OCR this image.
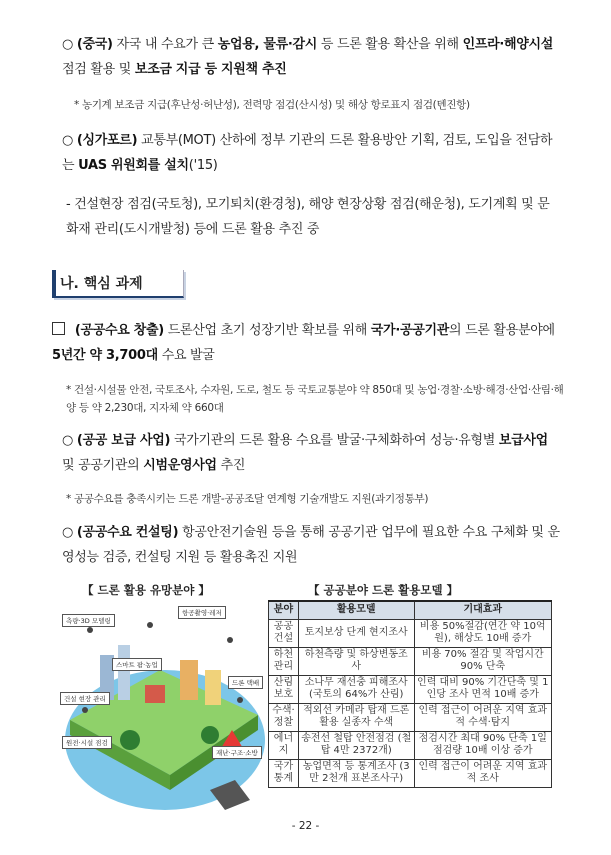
○ (중국) 자국 내 수요가 큰 농업용, 물류·감시 등 드론 활용 확산을 위해 인프라·해양시설 점검 활용 및 보조금 지급 등 지원책 추진
* 농기계 보조금 지급(후난성·허난성), 전력망 점검(산시성) 및 해상 항로표지 점검(톈진항)
○ (싱가포르) 교통부(MOT) 산하에 정부 기관의 드론 활용방안 기획, 검토, 도입을 전담하는 UAS 위원회를 설치('15)
- 건설현장 점검(국토청), 모기퇴치(환경청), 해양 현장상황 점검(해운청), 도기계획 및 문화재 관리(도시개발청) 등에 드론 활용 추진 중
나. 핵심 과제
(공공수요 창출) 드론산업 초기 성장기반 확보를 위해 국가·공공기관의 드론 활용분야에 5년간 약 3,700대 수요 발굴
* 건설·시설물 안전, 국토조사, 수자원, 도로, 철도 등 국토교통분야 약 850대 및 농업·경찰·소방·해경·산업·산림·해양 등 약 2,230대, 지자체 약 660대
○ (공공 보급 사업) 국가기관의 드론 활용 수요를 발굴·구체화하여 성능·유형별 보급사업 및 공공기관의 시범운영사업 추진
* 공공수요를 충족시키는 드론 개발-공공조달 연계형 기술개발도 지원(과기정통부)
○ (공공수요 컨설팅) 항공안전기술원 등을 통해 공공기관 업무에 필요한 수요 구체화 및 운영성능 검증, 컨설팅 지원 등 활용촉진 지원
【 드론 활용 유망분야 】
측량·3D 모델링
항공촬영·레저
스마트 팜·농업
건설 현장 관리
드론 택배
원전·시설 점검
재난·구조·소방
【 공공분야 드론 활용모델 】
분야	활용모델	기대효과
공공 건설	토지보상 단계 현지조사	비용 50%절감(연간 약 10억원), 해상도 10배 증가
하천 관리	하천측량 및 하상변동조사	비용 70% 절감 및 작업시간 90% 단축
산림 보호	소나무 재선충 피해조사 (국토의 64%가 산림)	인력 대비 90% 기간단축 및 1인당 조사 면적 10배 증가
수색· 정찰	적외선 카메라 탑재 드론 활용 실종자 수색	인력 접근이 어려운 지역 효과적 수색·탐지
에너지	송전선 철탑 안전점검 (철탑 4만 2372개)	점검시간 최대 90% 단축 1일 점검량 10배 이상 증가
국가 통계	농업면적 등 통계조사 (3만 2천개 표본조사구)	인력 접근이 어려운 지역 효과적 조사
- 22 -
